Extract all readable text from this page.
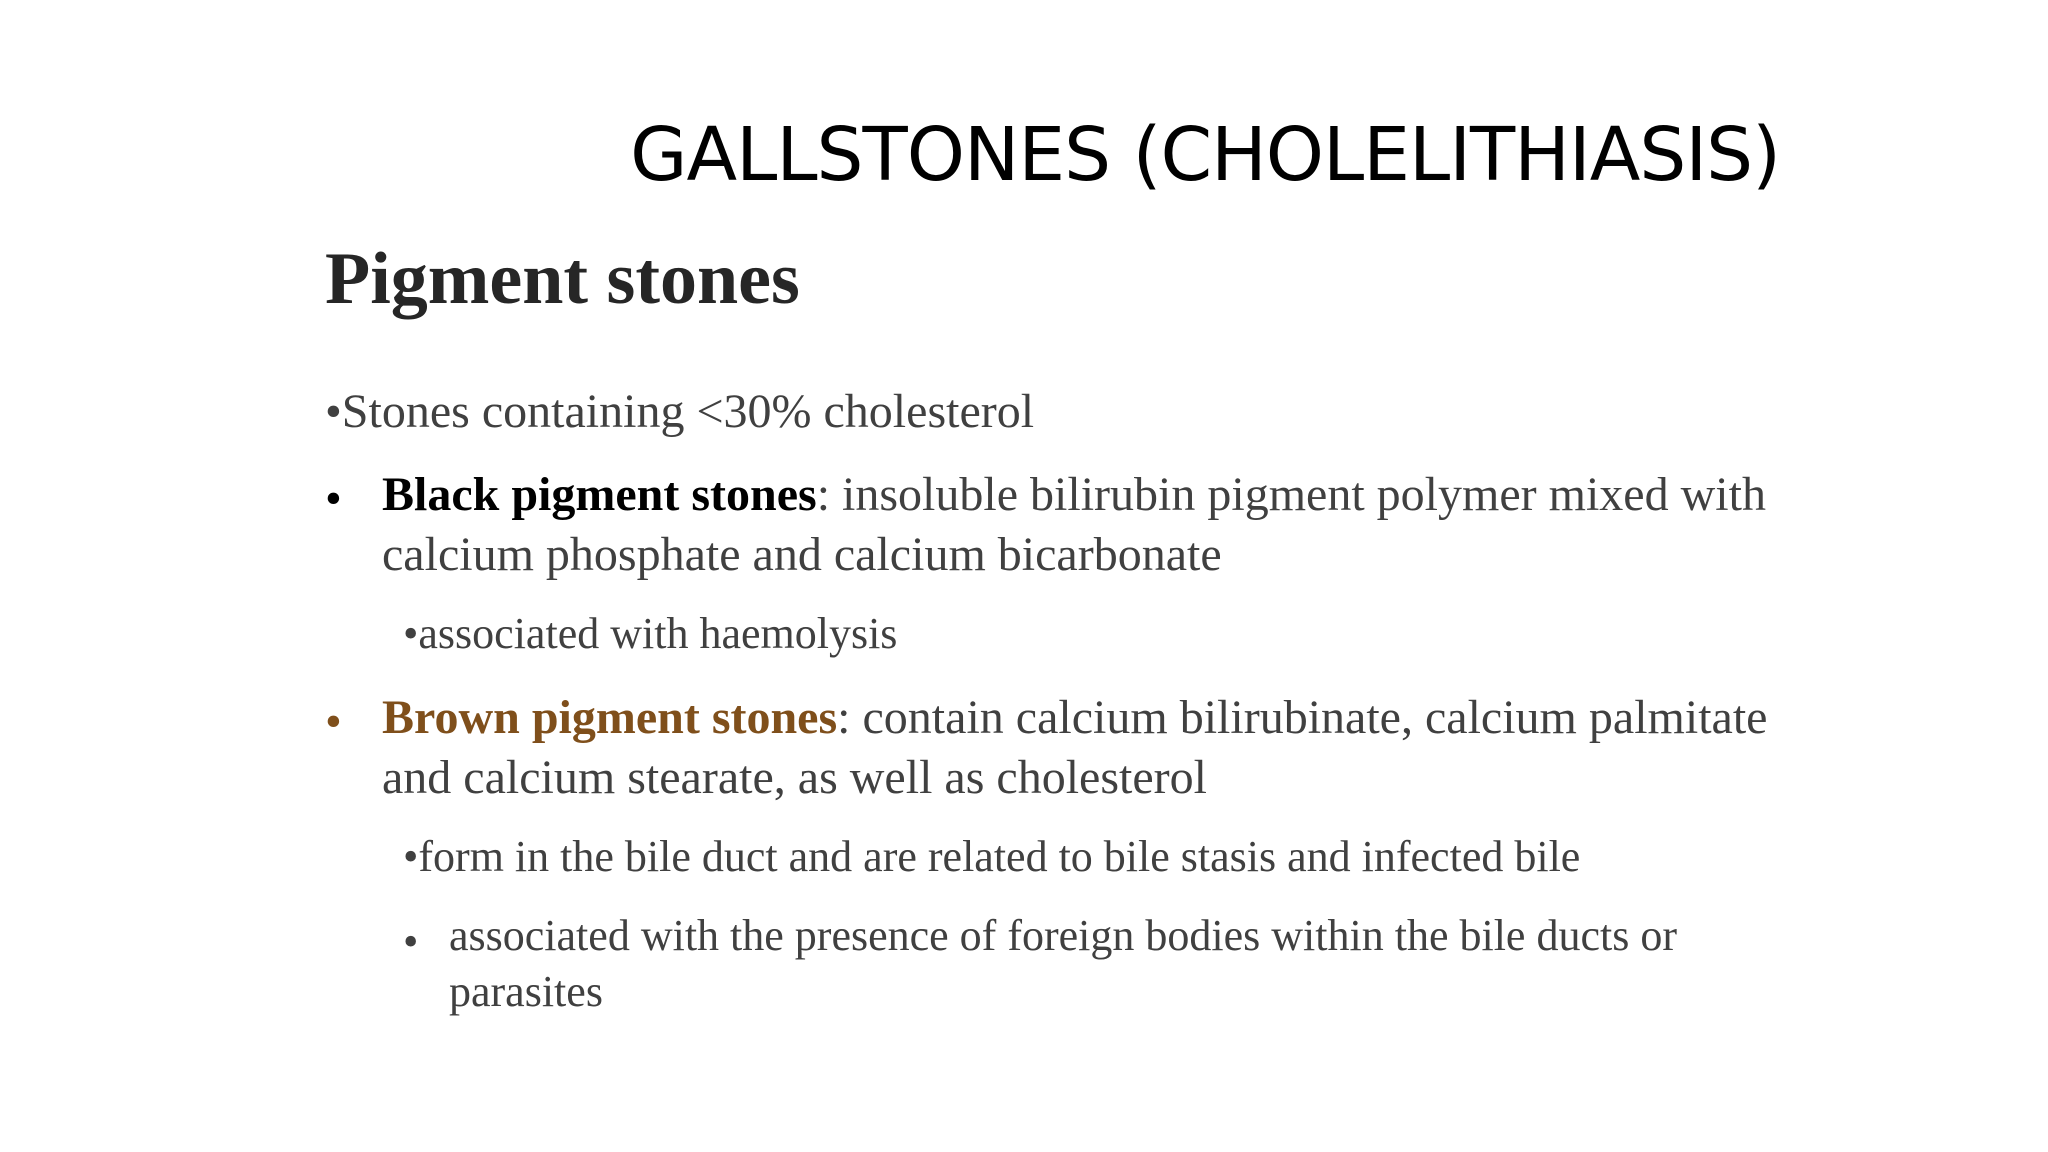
GALLSTONES (CHOLELITHIASIS)
Pigment stones
•Stones containing <30% cholesterol
• Black pigment stones: insoluble bilirubin pigment polymer mixed with calcium phosphate and calcium bicarbonate
•associated with haemolysis
• Brown pigment stones: contain calcium bilirubinate, calcium palmitate and calcium stearate, as well as cholesterol
•form in the bile duct and are related to bile stasis and infected bile
• associated with the presence of foreign bodies within the bile ducts or parasites
